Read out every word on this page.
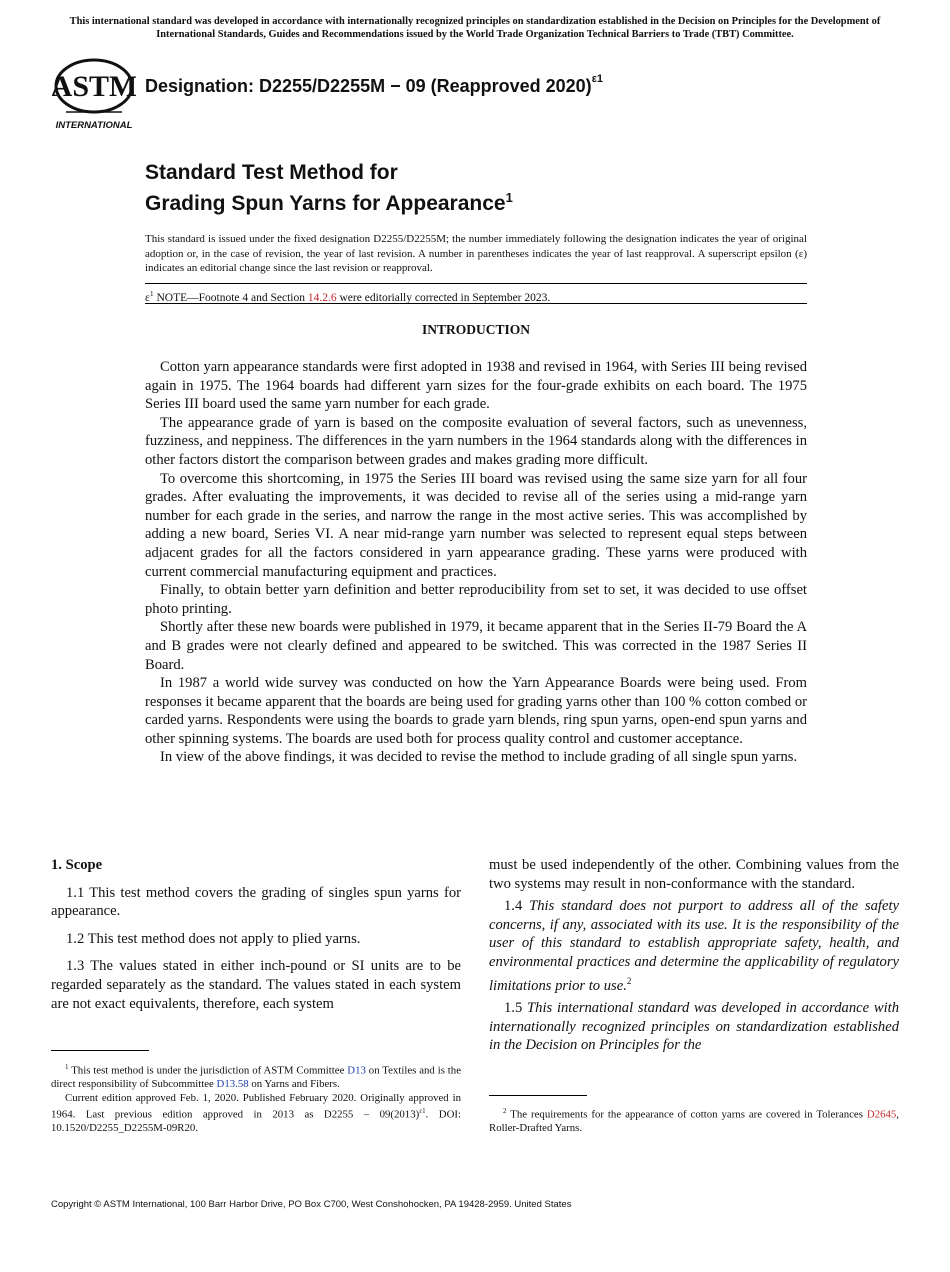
This international standard was developed in accordance with internationally recognized principles on standardization established in the Decision on Principles for the Development of International Standards, Guides and Recommendations issued by the World Trade Organization Technical Barriers to Trade (TBT) Committee.
ASTM
INTERNATIONAL
Designation: D2255/D2255M − 09 (Reapproved 2020)$^{\varepsilon 1}$
Standard Test Method for
Grading Spun Yarns for Appearance$^1$
This standard is issued under the fixed designation D2255/D2255M; the number immediately following the designation indicates the year of original adoption or, in the case of revision, the year of last revision. A number in parentheses indicates the year of last reapproval. A superscript epsilon (ε) indicates an editorial change since the last revision or reapproval.
$\varepsilon^1$ NOTE—Footnote 4 and Section 14.2.6 were editorially corrected in September 2023.
INTRODUCTION

Cotton yarn appearance standards were first adopted in 1938 and revised in 1964, with Series III being revised again in 1975. The 1964 boards had different yarn sizes for the four-grade exhibits on each board. The 1975 Series III board used the same yarn number for each grade.

The appearance grade of yarn is based on the composite evaluation of several factors, such as unevenness, fuzziness, and neppiness. The differences in the yarn numbers in the 1964 standards along with the differences in other factors distort the comparison between grades and makes grading more difficult.

To overcome this shortcoming, in 1975 the Series III board was revised using the same size yarn for all four grades. After evaluating the improvements, it was decided to revise all of the series using a mid-range yarn number for each grade in the series, and narrow the range in the most active series. This was accomplished by adding a new board, Series VI. A near mid-range yarn number was selected to represent equal steps between adjacent grades for all the factors considered in yarn appearance grading. These yarns were produced with current commercial manufacturing equipment and practices.

Finally, to obtain better yarn definition and better reproducibility from set to set, it was decided to use offset photo printing.

Shortly after these new boards were published in 1979, it became apparent that in the Series II-79 Board the A and B grades were not clearly defined and appeared to be switched. This was corrected in the 1987 Series II Board.

In 1987 a world wide survey was conducted on how the Yarn Appearance Boards were being used. From responses it became apparent that the boards are being used for grading yarns other than 100 % cotton combed or carded yarns. Respondents were using the boards to grade yarn blends, ring spun yarns, open-end spun yarns and other spinning systems. The boards are used both for process quality control and customer acceptance.

In view of the above findings, it was decided to revise the method to include grading of all single spun yarns.

1. Scope

1.1 This test method covers the grading of singles spun yarns for appearance.

1.2 This test method does not apply to plied yarns.

1.3 The values stated in either inch-pound or SI units are to be regarded separately as the standard. The values stated in each system are not exact equivalents, therefore, each system

$^1$ This test method is under the jurisdiction of ASTM Committee D13 on Textiles and is the direct responsibility of Subcommittee D13.58 on Yarns and Fibers.

Current edition approved Feb. 1, 2020. Published February 2020. Originally approved in 1964. Last previous edition approved in 2013 as $D2255 - 09(2013)^{\varepsilon 1}$. DOI: 10.1520/D2255_D2255M-09R20.

must be used independently of the other. Combining values from the two systems may result in non-conformance with the standard.

1.4 This standard does not purport to address all of the safety concerns, if any, associated with its use. It is the responsibility of the user of this standard to establish appropriate safety, health, and environmental practices and determine the applicability of regulatory limitations prior to use.$^2$

1.5 This international standard was developed in accordance with internationally recognized principles on standardization established in the Decision on Principles for the

$^2$ The requirements for the appearance of cotton yarns are covered in Tolerances D2645, Roller-Drafted Yarns.

Copyright © ASTM International, 100 Barr Harbor Drive, PO Box C700, West Conshohocken, PA 19428-2959. United States
